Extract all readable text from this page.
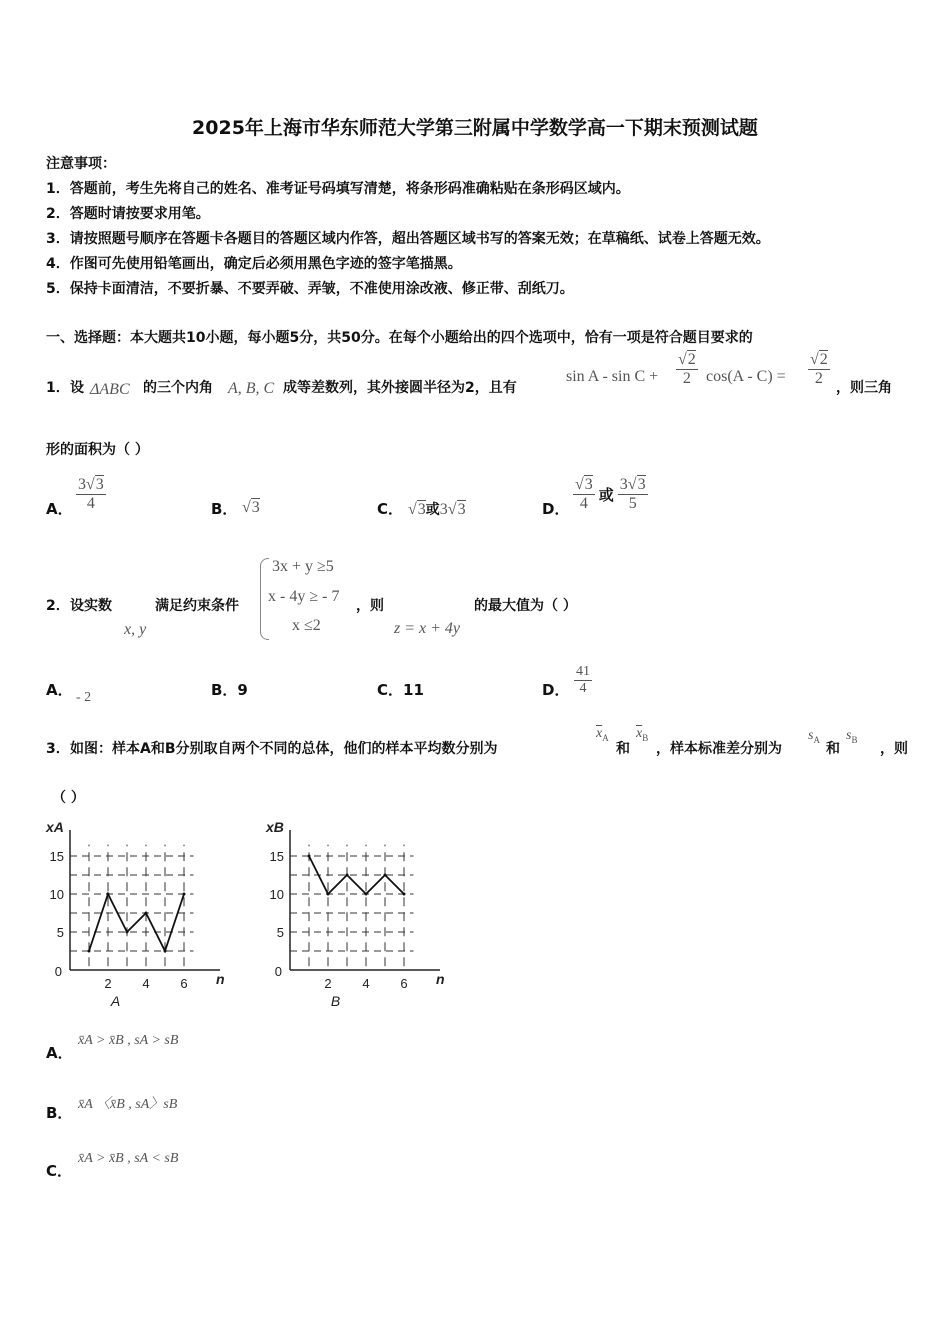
2025年上海市华东师范大学第三附属中学数学高一下期末预测试题
注意事项：
1．答题前，考生先将自己的姓名、准考证号码填写清楚，将条形码准确粘贴在条形码区域内。
2．答题时请按要求用笔。
3．请按照题号顺序在答题卡各题目的答题区域内作答，超出答题区域书写的答案无效；在草稿纸、试卷上答题无效。
4．作图可先使用铅笔画出，确定后必须用黑色字迹的签字笔描黑。
5．保持卡面清洁，不要折暴、不要弄破、弄皱，不准使用涂改液、修正带、刮纸刀。
一、选择题：本大题共10小题，每小题5分，共50分。在每个小题给出的四个选项中，恰有一项是符合题目要求的
1． 设 ΔABC 的三个内角 A, B, C 成等差数列，其外接圆半径为2，且有
$\sin A - \sin C + \frac{√2}{2} \cos(A - C) = \frac{√2}{2}$ ，则三角
形的面积为（ ）
A． $\frac{3√3}{4}$	B． √3	C． √3或3√3	D． $\frac{√3}{4}$ 或 $\frac{3√3}{5}$
2． 设实数
x, y
满足约束条件
3x + y ≥5
x - 4y ≥ - 7
x ≤2
，则
z = x + 4y
的最大值为（ ）
A． - 2	B．9	C．11	D． $\frac{41}{4}$
3． 如图：样本A和B分别取自两个不同的总体，他们的样本平均数分别为
$\overline{x}_A$
和
$\overline{x}_B$
，样本标准差分别为
$s_A$
和
$s_B$
，则
（ ）
2 4 6
5
10
15
0
xA
n
A
2 4 6
5
10
15
0
xB
n
B
A．
x̄A > x̄B , sA > sB
B． x̄A 〈x̄B , sA〉sB
C．
x̄A > x̄B , sA < sB
